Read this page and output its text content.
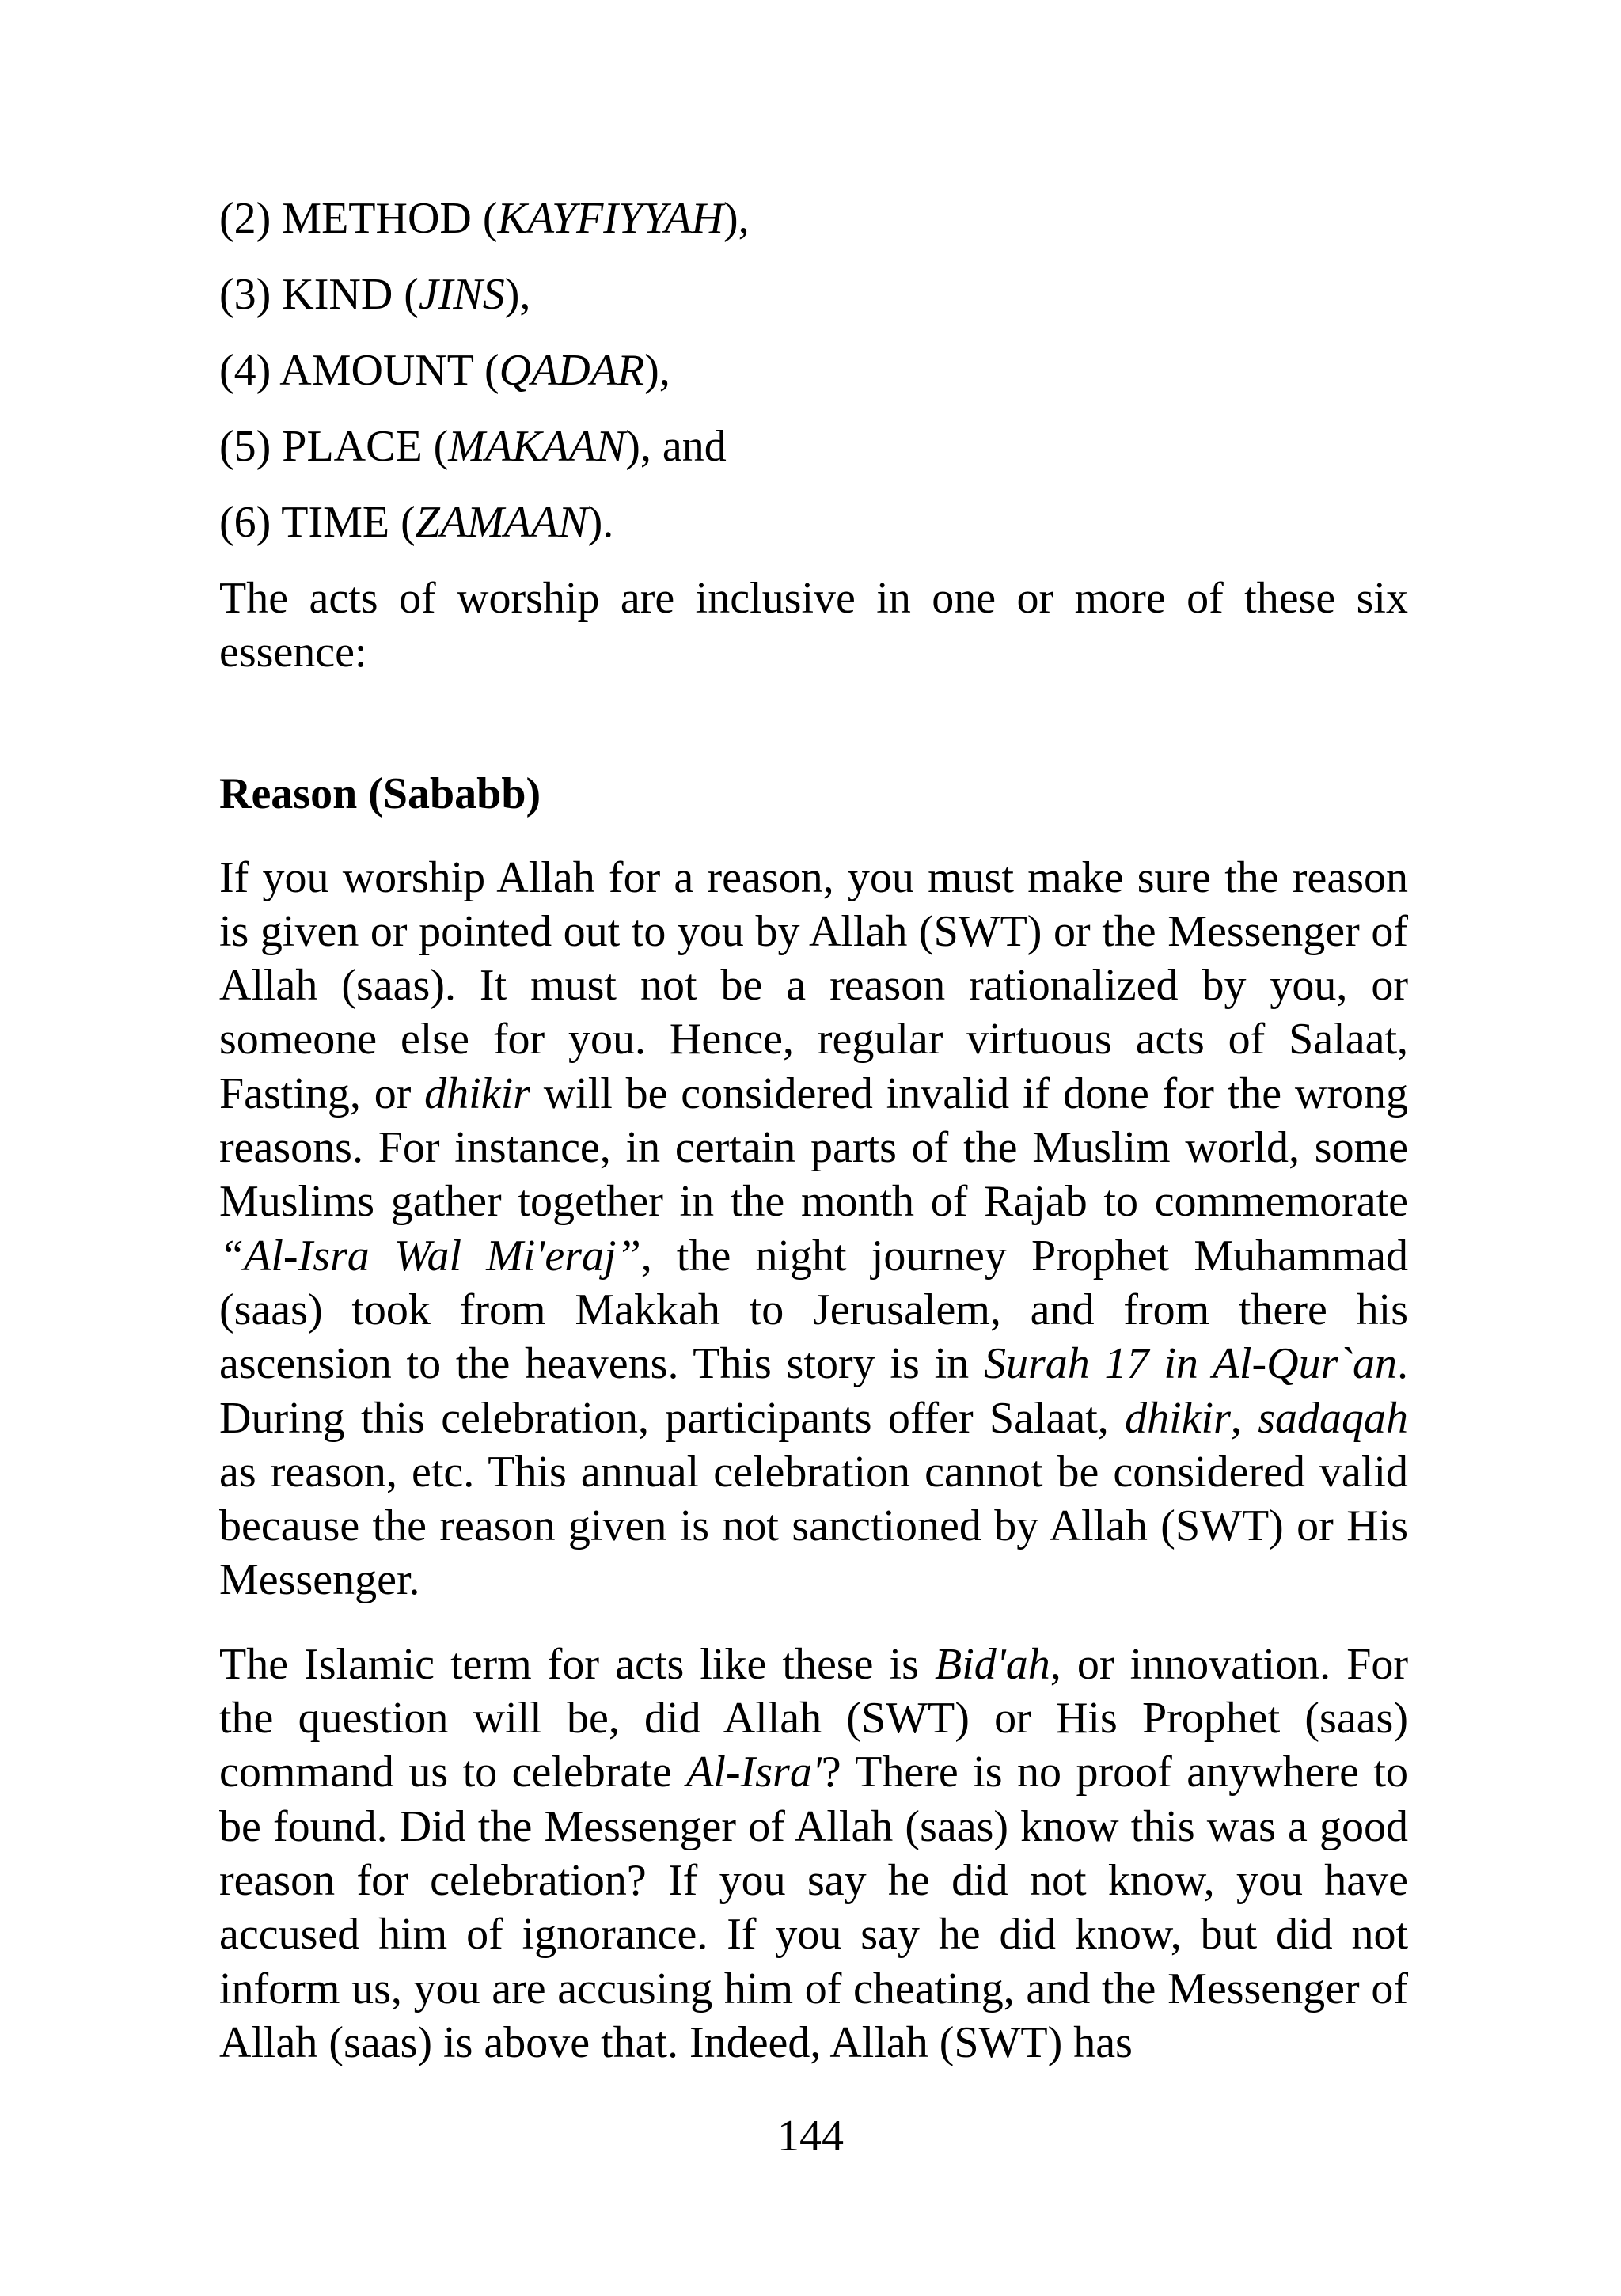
(2) METHOD (KAYFIYYAH),
(3) KIND (JINS),
(4) AMOUNT (QADAR),
(5) PLACE (MAKAAN), and
(6) TIME (ZAMAAN).

The acts of worship are inclusive in one or more of these six essence:

Reason (Sababb)

If you worship Allah for a reason, you must make sure the reason is given or pointed out to you by Allah (SWT) or the Messenger of Allah (saas). It must not be a reason rationalized by you, or someone else for you. Hence, regular virtuous acts of Salaat, Fasting, or dhikir will be considered invalid if done for the wrong reasons. For instance, in certain parts of the Muslim world, some Muslims gather together in the month of Rajab to commemorate “Al-Isra Wal Mi'eraj”, the night journey Prophet Muhammad (saas) took from Makkah to Jerusalem, and from there his ascension to the heavens. This story is in Surah 17 in Al-Qur`an. During this celebration, participants offer Salaat, dhikir, sadaqah as reason, etc. This annual celebration cannot be considered valid because the reason given is not sanctioned by Allah (SWT) or His Messenger.

The Islamic term for acts like these is Bid'ah, or innovation. For the question will be, did Allah (SWT) or His Prophet (saas) command us to celebrate Al-Isra'? There is no proof anywhere to be found. Did the Messenger of Allah (saas) know this was a good reason for celebration? If you say he did not know, you have accused him of ignorance. If you say he did know, but did not inform us, you are accusing him of cheating, and the Messenger of Allah (saas) is above that. Indeed, Allah (SWT) has

144
